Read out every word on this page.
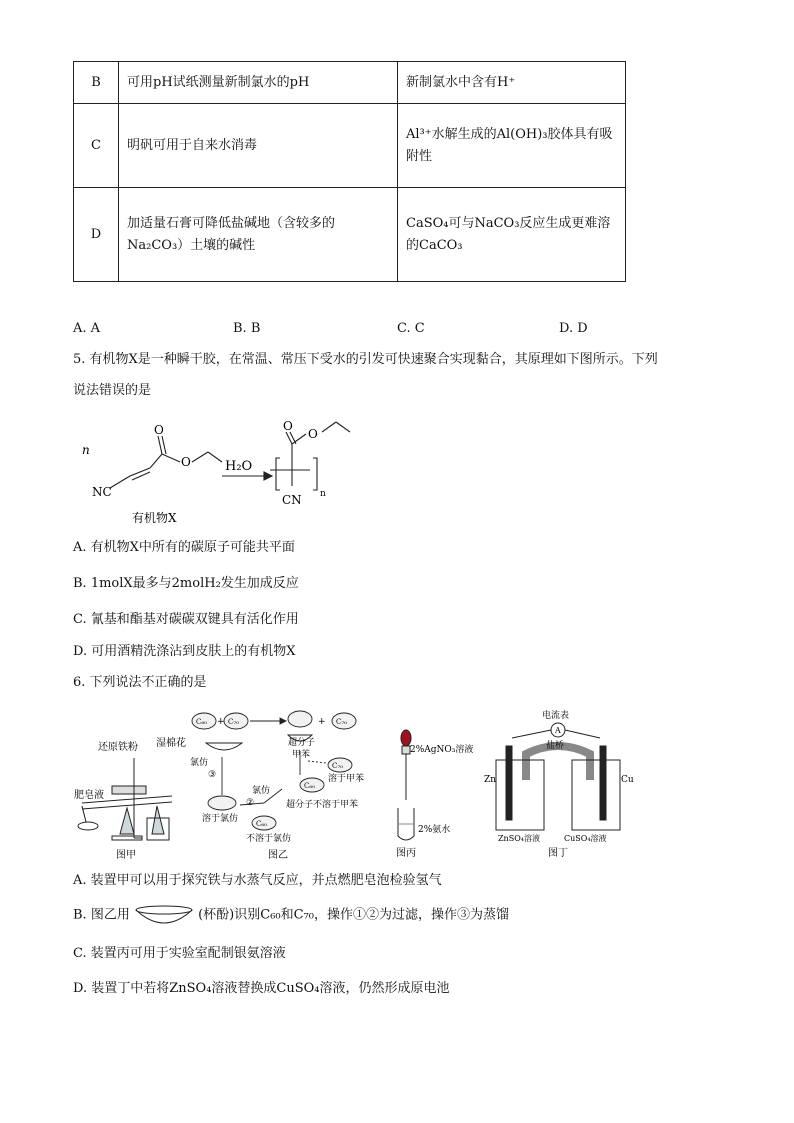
B	可用pH试纸测量新制氯水的pH	新制氯水中含有H⁺
C	明矾可用于自来水消毒	Al³⁺水解生成的Al(OH)₃胶体具有吸附性
D	加适量石膏可降低盐碱地（含较多的Na₂CO₃）土壤的碱性	CaSO₄可与NaCO₃反应生成更难溶的CaCO₃
A. A	B. B	C. C	D. D
5. 有机物X是一种瞬干胶，在常温、常压下受水的引发可快速聚合实现黏合，其原理如下图所示。下列
说法错误的是
n
NC
O
O	H₂O
O
O
n
CN
有机物X
A. 有机物X中所有的碳原子可能共平面
B. 1molX最多与2molH₂发生加成反应
C. 氰基和酯基对碳碳双键具有活化作用
D. 可用酒精洗涤沾到皮肤上的有机物X
6. 下列说法不正确的是
还原铁粉 湿棉花
肥皂液
图甲
C₆₀ + C₇₀	+ C₇₀
超分子
甲苯
C₇₀
溶于甲苯
氯仿
③
氯仿
②
C₆₀
溶于氯仿
超分子不溶于甲苯
C₆₀
不溶于氯仿
图乙
2%AgNO₃溶液
2%氨水
图丙
电流表
A
盐桥
Zn	Cu
ZnSO₄溶液	CuSO₄溶液
图丁
A. 装置甲可以用于探究铁与水蒸气反应，并点燃肥皂泡检验氢气
B. 图乙用	(杯酚)识别C₆₀和C₇₀，操作①②为过滤，操作③为蒸馏
C. 装置丙可用于实验室配制银氨溶液
D. 装置丁中若将ZnSO₄溶液替换成CuSO₄溶液，仍然形成原电池
